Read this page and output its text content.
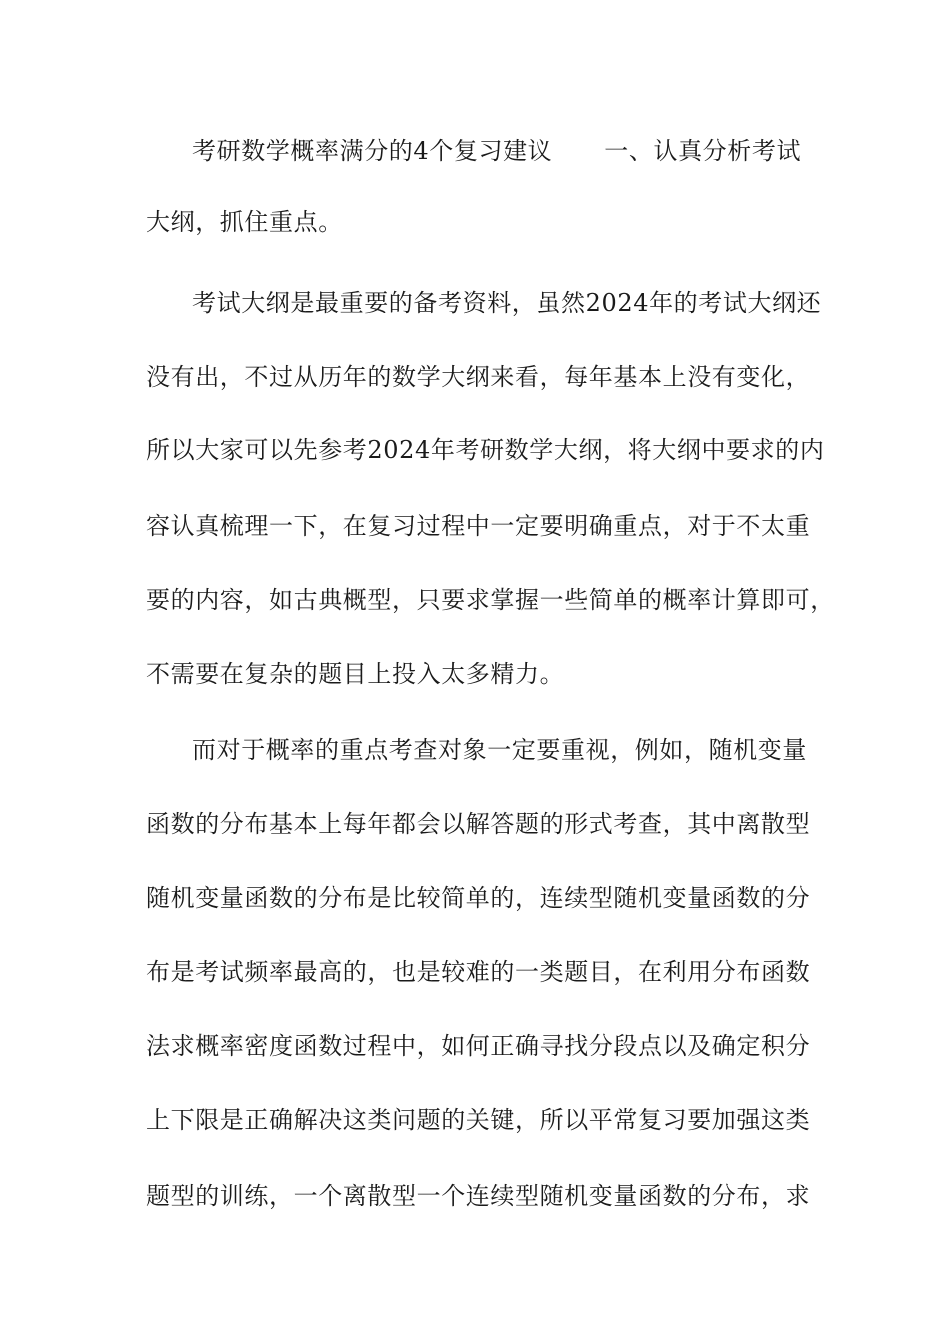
考研数学概率满分的4个复习建议 一、认真分析考试
大纲，抓住重点。
考试大纲是最重要的备考资料，虽然2024年的考试大纲还
没有出，不过从历年的数学大纲来看，每年基本上没有变化，
所以大家可以先参考2024年考研数学大纲，将大纲中要求的内
容认真梳理一下，在复习过程中一定要明确重点，对于不太重
要的内容，如古典概型，只要求掌握一些简单的概率计算即可，
不需要在复杂的题目上投入太多精力。
而对于概率的重点考查对象一定要重视，例如，随机变量
函数的分布基本上每年都会以解答题的形式考查，其中离散型
随机变量函数的分布是比较简单的，连续型随机变量函数的分
布是考试频率最高的，也是较难的一类题目，在利用分布函数
法求概率密度函数过程中，如何正确寻找分段点以及确定积分
上下限是正确解决这类问题的关键，所以平常复习要加强这类
题型的训练，一个离散型一个连续型随机变量函数的分布，求
